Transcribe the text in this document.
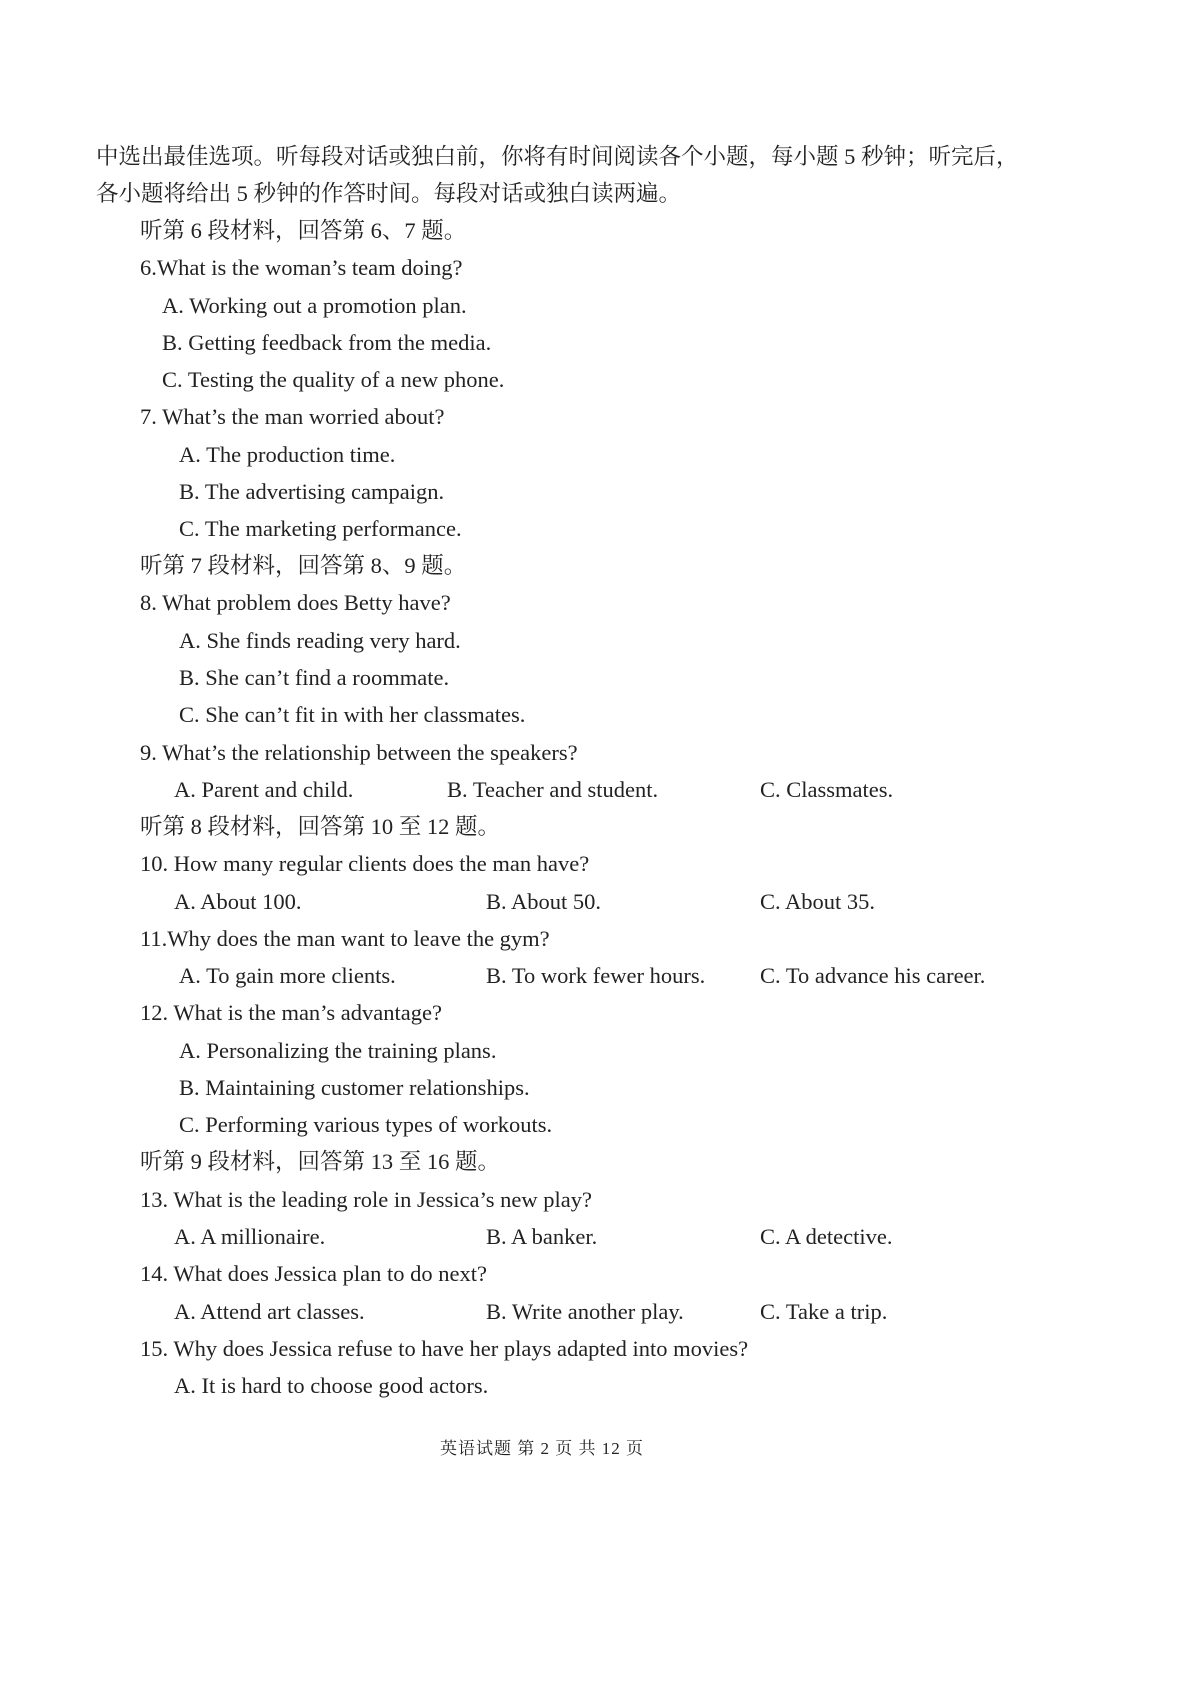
中选出最佳选项。听每段对话或独白前，你将有时间阅读各个小题，每小题 5 秒钟；听完后，
各小题将给出 5 秒钟的作答时间。每段对话或独白读两遍。
听第 6 段材料，回答第 6、7 题。
6.What is the woman’s team doing?
A. Working out a promotion plan.
B. Getting feedback from the media.
C. Testing the quality of a new phone.
7. What’s the man worried about?
A. The production time.
B. The advertising campaign.
C. The marketing performance.
听第 7 段材料，回答第 8、9 题。
8. What problem does Betty have?
A. She finds reading very hard.
B. She can’t find a roommate.
C. She can’t fit in with her classmates.
9. What’s the relationship between the speakers?
A. Parent and child.	B. Teacher and student.	C. Classmates.
听第 8 段材料，回答第 10 至 12 题。
10. How many regular clients does the man have?
A. About 100.	B. About 50.	C. About 35.
11.Why does the man want to leave the gym?
A. To gain more clients.	B. To work fewer hours. C. To advance his career.
12. What is the man’s advantage?
A. Personalizing the training plans.
B. Maintaining customer relationships.
C. Performing various types of workouts.
听第 9 段材料，回答第 13 至 16 题。
13. What is the leading role in Jessica’s new play?
A. A millionaire.	B. A banker.	C. A detective.
14. What does Jessica plan to do next?
A. Attend art classes.	B. Write another play.	C. Take a trip.
15. Why does Jessica refuse to have her plays adapted into movies?
A. It is hard to choose good actors.
英语试题 第 2 页 共 12 页
